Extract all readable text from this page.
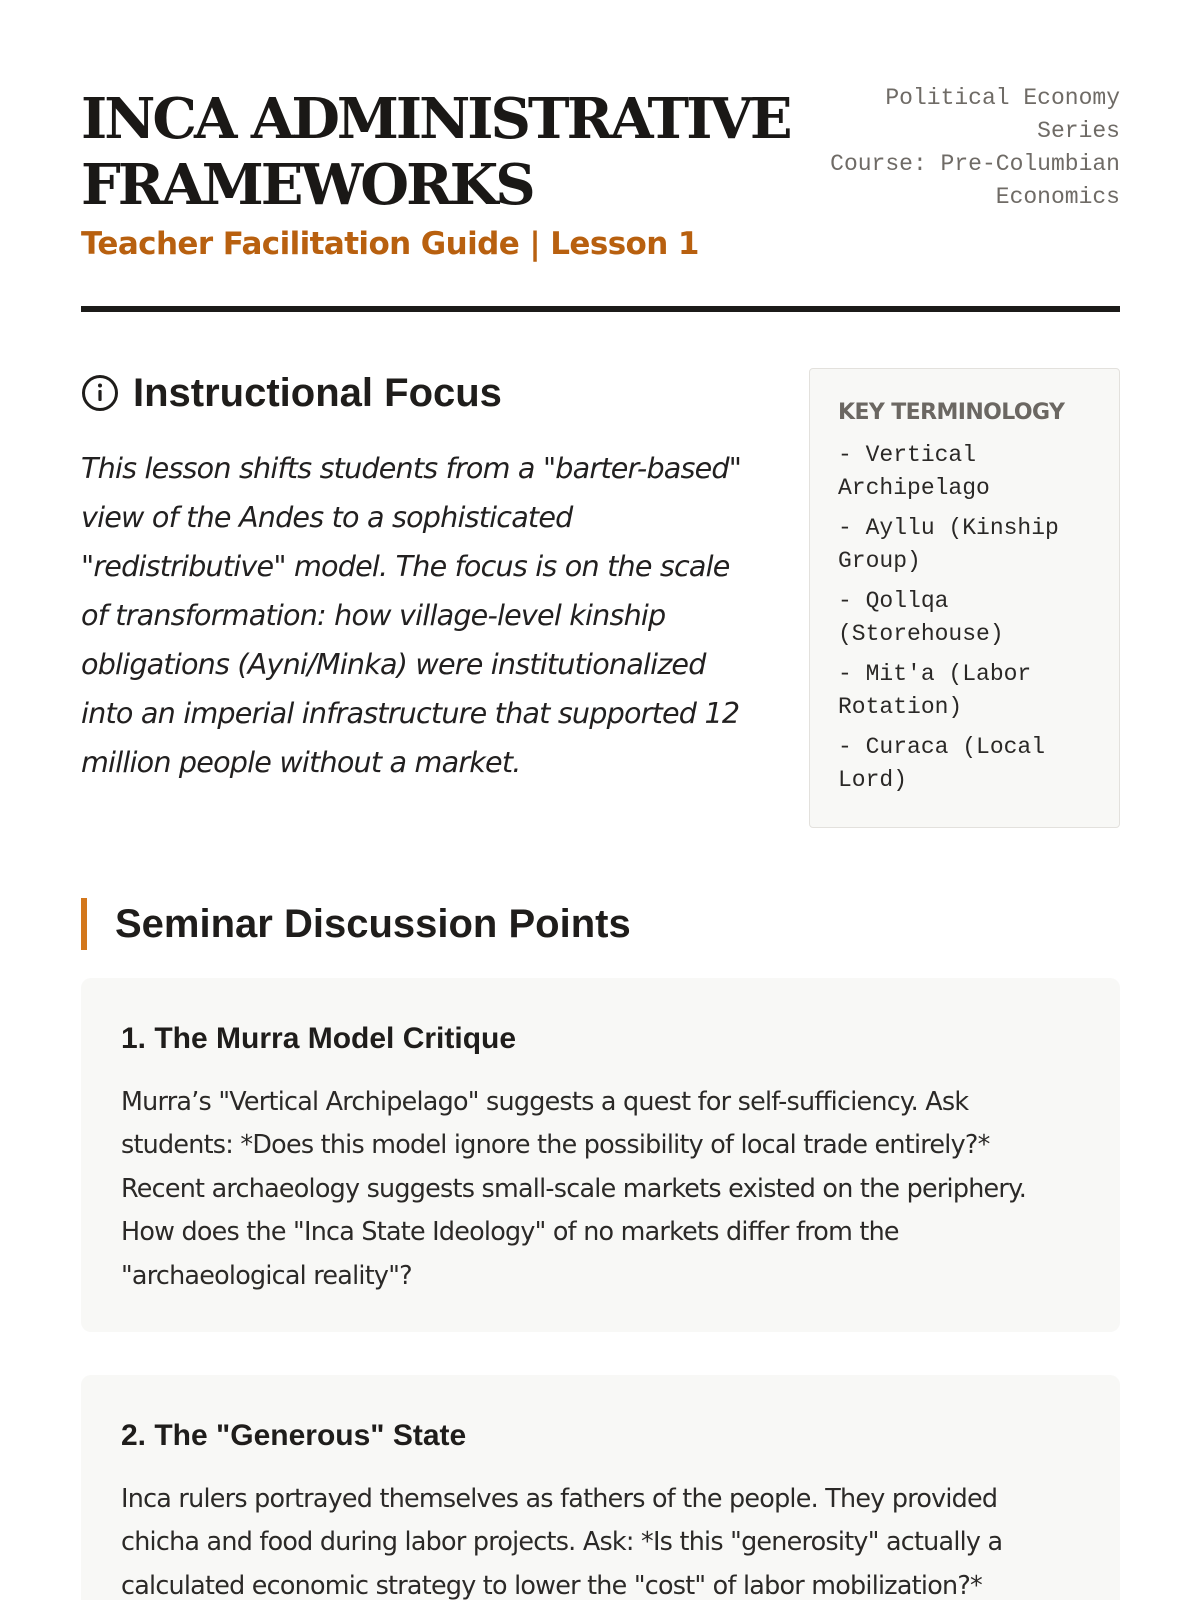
INCA ADMINISTRATIVE FRAMEWORKS

Teacher Facilitation Guide | Lesson 1

Political Economy Series
Course: Pre-Columbian Economics
Instructional Focus

This lesson shifts students from a "barter-based" view of the Andes to a sophisticated "redistributive" model. The focus is on the scale of transformation: how village-level kinship obligations (Ayni/Minka) were institutionalized into an imperial infrastructure that supported 12 million people without a market.

KEY TERMINOLOGY
- Vertical Archipelago
- Ayllu (Kinship Group)
- Qollqa (Storehouse)
- Mit'a (Labor Rotation)
- Curaca (Local Lord)
Seminar Discussion Points
1. The Murra Model Critique

Murra’s "Vertical Archipelago" suggests a quest for self-sufficiency. Ask students: *Does this model ignore the possibility of local trade entirely?* Recent archaeology suggests small-scale markets existed on the periphery. How does the "Inca State Ideology" of no markets differ from the "archaeological reality"?

2. The "Generous" State

Inca rulers portrayed themselves as fathers of the people. They provided chicha and food during labor projects. Ask: *Is this "generosity" actually a calculated economic strategy to lower the "cost" of labor mobilization?*
